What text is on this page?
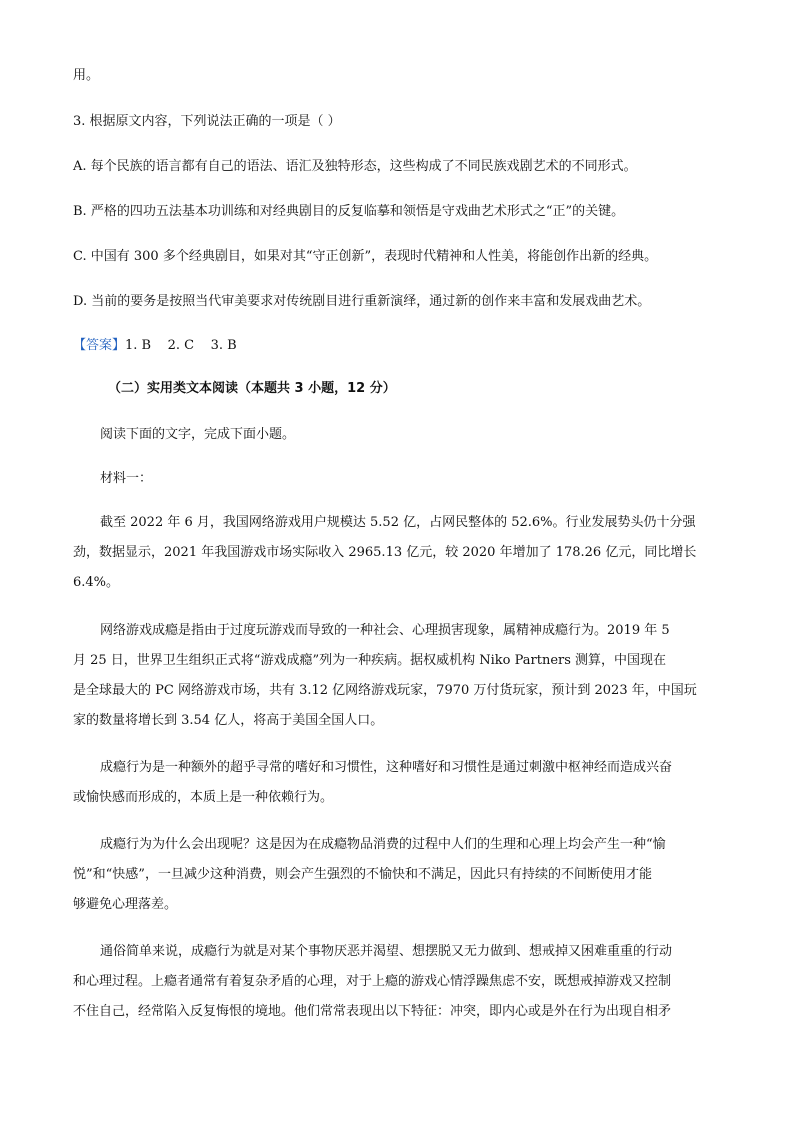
用。
3. 根据原文内容，下列说法正确的一项是（ ）
A. 每个民族的语言都有自己的语法、语汇及独特形态，这些构成了不同民族戏剧艺术的不同形式。
B. 严格的四功五法基本功训练和对经典剧目的反复临摹和领悟是守戏曲艺术形式之“正”的关键。
C. 中国有 300 多个经典剧目，如果对其“守正创新”，表现时代精神和人性美，将能创作出新的经典。
D. 当前的要务是按照当代审美要求对传统剧目进行重新演绎，通过新的创作来丰富和发展戏曲艺术。
【答案】1. B    2. C    3. B
（二）实用类文本阅读（本题共 3 小题，12 分）
阅读下面的文字，完成下面小题。
材料一：
截至 2022 年 6 月，我国网络游戏用户规模达 5.52 亿，占网民整体的 52.6%。行业发展势头仍十分强
劲，数据显示，2021 年我国游戏市场实际收入 2965.13 亿元，较 2020 年增加了 178.26 亿元，同比增长
6.4%。
网络游戏成瘾是指由于过度玩游戏而导致的一种社会、心理损害现象，属精神成瘾行为。2019 年 5
月 25 日，世界卫生组织正式将“游戏成瘾”列为一种疾病。据权威机构 Niko Partners 测算，中国现在
是全球最大的 PC 网络游戏市场，共有 3.12 亿网络游戏玩家，7970 万付货玩家，预计到 2023 年，中国玩
家的数量将增长到 3.54 亿人，将高于美国全国人口。
成瘾行为是一种额外的超乎寻常的嗜好和习惯性，这种嗜好和习惯性是通过刺激中枢神经而造成兴奋
或愉快感而形成的，本质上是一种依赖行为。
成瘾行为为什么会出现呢？这是因为在成瘾物品消费的过程中人们的生理和心理上均会产生一种“愉
悦”和“快感”，一旦减少这种消费，则会产生强烈的不愉快和不满足，因此只有持续的不间断使用才能
够避免心理落差。
通俗简单来说，成瘾行为就是对某个事物厌恶并渴望、想摆脱又无力做到、想戒掉又困难重重的行动
和心理过程。上瘾者通常有着复杂矛盾的心理，对于上瘾的游戏心情浮躁焦虑不安，既想戒掉游戏又控制
不住自己，经常陷入反复悔恨的境地。他们常常表现出以下特征：冲突，即内心或是外在行为出现自相矛
